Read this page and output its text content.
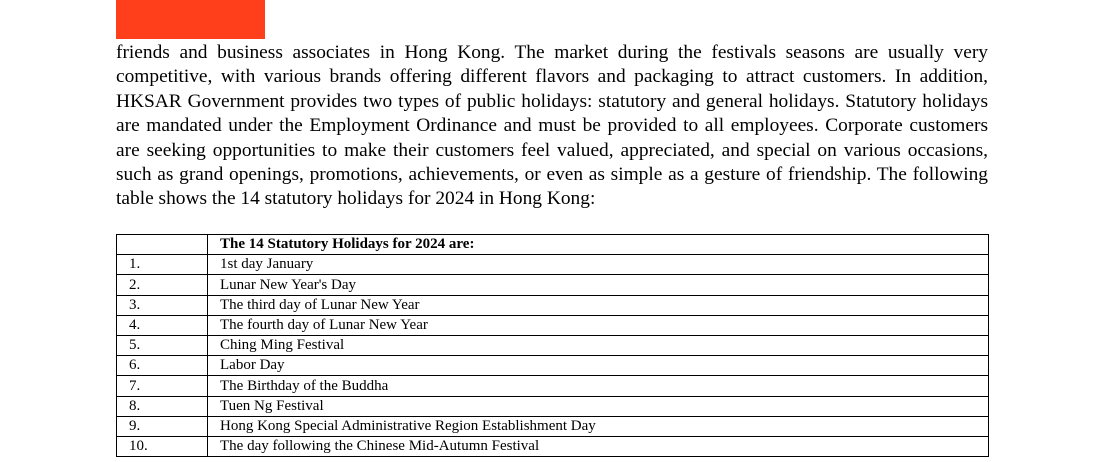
friends and business associates in Hong Kong. The market during the festivals seasons are usually very competitive, with various brands offering different flavors and packaging to attract customers. In addition, HKSAR Government provides two types of public holidays: statutory and general holidays. Statutory holidays are mandated under the Employment Ordinance and must be provided to all employees. Corporate customers are seeking opportunities to make their customers feel valued, appreciated, and special on various occasions, such as grand openings, promotions, achievements, or even as simple as a gesture of friendship. The following table shows the 14 statutory holidays for 2024 in Hong Kong:

	The 14 Statutory Holidays for 2024 are:
1.	1st day January
2.	Lunar New Year's Day
3.	The third day of Lunar New Year
4.	The fourth day of Lunar New Year
5.	Ching Ming Festival
6.	Labor Day
7.	The Birthday of the Buddha
8.	Tuen Ng Festival
9.	Hong Kong Special Administrative Region Establishment Day
10.	The day following the Chinese Mid-Autumn Festival
